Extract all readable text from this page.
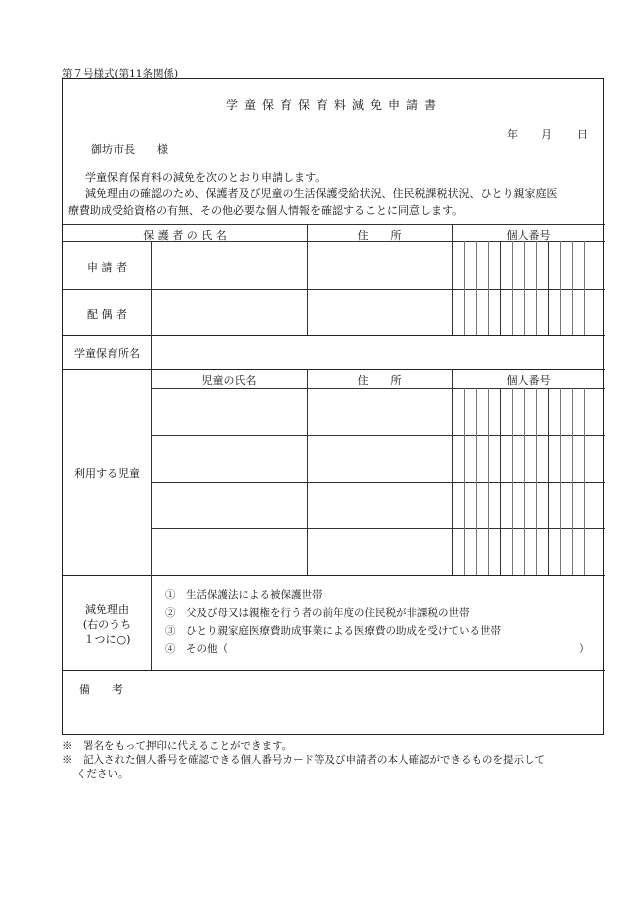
第７号様式(第11条関係)
学童保育保育料減免申請書
年 月 日
御坊市長 様
学童保育保育料の減免を次のとおり申請します。
減免理由の確認のため、保護者及び児童の生活保護受給状況、住民税課税状況、ひとり親家庭医
療費助成受給資格の有無、その他必要な個人情報を確認することに同意します。
保 護 者 の 氏 名	住　　所	個人番号
申 請 者
配 偶 者
学童保育所名
利用する児童
児童の氏名	住　　所	個人番号
減免理由
(右のうち
１つに○)
①　生活保護法による被保護世帯
②　父及び母又は親権を行う者の前年度の住民税が非課税の世帯
③　ひとり親家庭医療費助成事業による医療費の助成を受けている世帯
④　その他（	）
備　　考
※　署名をもって押印に代えることができます。
※　記入された個人番号を確認できる個人番号カード等及び申請者の本人確認ができるものを提示して
ください。
